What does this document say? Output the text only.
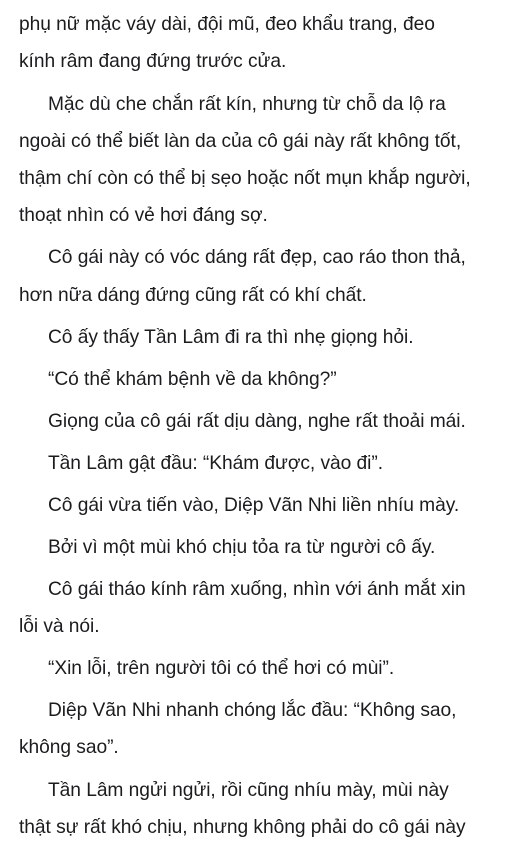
phụ nữ mặc váy dài, đội mũ, đeo khẩu trang, đeo
kính râm đang đứng trước cửa.
Mặc dù che chắn rất kín, nhưng từ chỗ da lộ ra
ngoài có thể biết làn da của cô gái này rất không tốt,
thậm chí còn có thể bị sẹo hoặc nốt mụn khắp người,
thoạt nhìn có vẻ hơi đáng sợ.
Cô gái này có vóc dáng rất đẹp, cao ráo thon thả,
hơn nữa dáng đứng cũng rất có khí chất.
Cô ấy thấy Tần Lâm đi ra thì nhẹ giọng hỏi.
“Có thể khám bệnh về da không?”
Giọng của cô gái rất dịu dàng, nghe rất thoải mái.
Tần Lâm gật đầu: “Khám được, vào đi”.
Cô gái vừa tiến vào, Diệp Vãn Nhi liền nhíu mày.
Bởi vì một mùi khó chịu tỏa ra từ người cô ấy.
Cô gái tháo kính râm xuống, nhìn với ánh mắt xin
lỗi và nói.
“Xin lỗi, trên người tôi có thể hơi có mùi”.
Diệp Vãn Nhi nhanh chóng lắc đầu: “Không sao,
không sao”.
Tần Lâm ngửi ngửi, rồi cũng nhíu mày, mùi này
thật sự rất khó chịu, nhưng không phải do cô gái này
